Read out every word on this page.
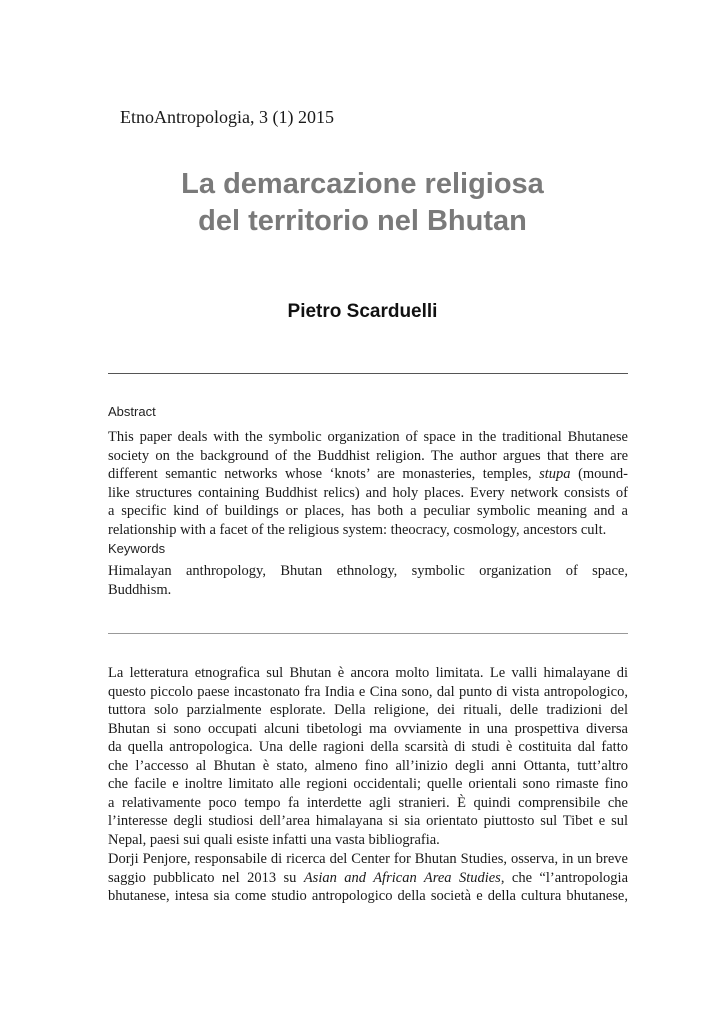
EtnoAntropologia, 3 (1) 2015
La demarcazione religiosa
del territorio nel Bhutan
Pietro Scarduelli
Abstract
This paper deals with the symbolic organization of space in the traditional Bhutanese
society on the background of the Buddhist religion. The author argues that there are
different semantic networks whose ‘knots’ are monasteries, temples, stupa (mound-
like structures containing Buddhist relics) and holy places. Every network consists of
a specific kind of buildings or places, has both a peculiar symbolic meaning and a
relationship with a facet of the religious system: theocracy, cosmology, ancestors cult.
Keywords
Himalayan anthropology, Bhutan ethnology, symbolic organization of space,
Buddhism.
La letteratura etnografica sul Bhutan è ancora molto limitata. Le valli himalayane di
questo piccolo paese incastonato fra India e Cina sono, dal punto di vista antropologico,
tuttora solo parzialmente esplorate. Della religione, dei rituali, delle tradizioni del
Bhutan si sono occupati alcuni tibetologi ma ovviamente in una prospettiva diversa
da quella antropologica. Una delle ragioni della scarsità di studi è costituita dal fatto
che l’accesso al Bhutan è stato, almeno fino all’inizio degli anni Ottanta, tutt’altro
che facile e inoltre limitato alle regioni occidentali; quelle orientali sono rimaste fino
a relativamente poco tempo fa interdette agli stranieri. È quindi comprensibile che
l’interesse degli studiosi dell’area himalayana si sia orientato piuttosto sul Tibet e sul
Nepal, paesi sui quali esiste infatti una vasta bibliografia.
Dorji Penjore, responsabile di ricerca del Center for Bhutan Studies, osserva, in un breve
saggio pubblicato nel 2013 su Asian and African Area Studies, che “l’antropologia
bhutanese, intesa sia come studio antropologico della società e della cultura bhutanese,
